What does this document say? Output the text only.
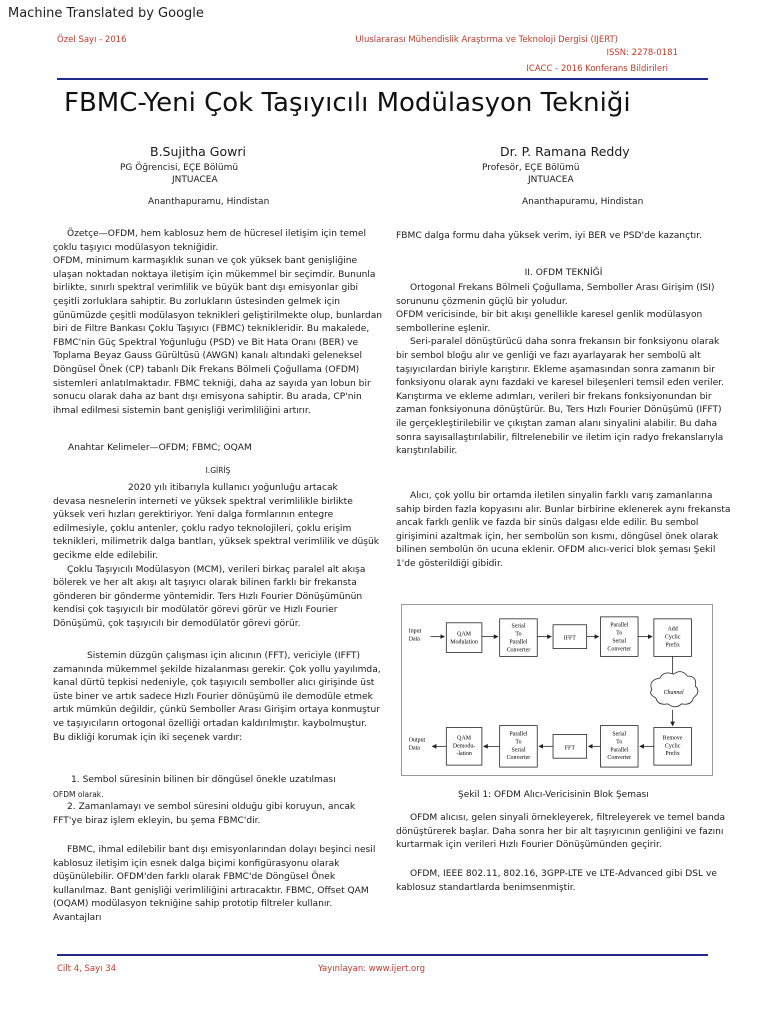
Machine Translated by Google
Özel Sayı - 2016	Uluslararası Mühendislik Araştırma ve Teknoloji Dergisi (IJERT)
ISSN: 2278-0181
ICACC - 2016 Konferans Bildirileri
FBMC-Yeni Çok Taşıyıcılı Modülasyon Tekniği
B.Sujitha Gowri
PG Öğrencisi, EÇE Bölümü
JNTUACEA
Ananthapuramu, Hindistan
Dr. P. Ramana Reddy
Profesör, EÇE Bölümü
JNTUACEA
Ananthapuramu, Hindistan

Özetçe—OFDM, hem kablosuz hem de hücresel iletişim için temel çoklu taşıyıcı modülasyon tekniğidir.

OFDM, minimum karmaşıklık sunan ve çok yüksek bant genişliğine ulaşan noktadan noktaya iletişim için mükemmel bir seçimdir. Bununla birlikte, sınırlı spektral verimlilik ve büyük bant dışı emisyonlar gibi çeşitli zorluklara sahiptir. Bu zorlukların üstesinden gelmek için günümüzde çeşitli modülasyon teknikleri geliştirilmekte olup, bunlardan biri de Filtre Bankası Çoklu Taşıyıcı (FBMC) teknikleridir. Bu makalede, FBMC'nin Güç Spektral Yoğunluğu (PSD) ve Bit Hata Oranı (BER) ve Toplama Beyaz Gauss Gürültüsü (AWGN) kanalı altındaki geleneksel Döngüsel Önek (CP) tabanlı Dik Frekans Bölmeli Çoğullama (OFDM) sistemleri anlatılmaktadır. FBMC tekniği, daha az sayıda yan lobun bir sonucu olarak daha az bant dışı emisyona sahiptir. Bu arada, CP'nin ihmal edilmesi sistemin bant genişliği verimliliğini artırır.

Anahtar Kelimeler—OFDM; FBMC; OQAM
I.GİRİŞ

2020 yılı itibarıyla kullanıcı yoğunluğu artacak

devasa nesnelerin interneti ve yüksek spektral verimlilikle birlikte yüksek veri hızları gerektiriyor. Yeni dalga formlarının entegre edilmesiyle, çoklu antenler, çoklu radyo teknolojileri, çoklu erişim teknikleri, milimetrik dalga bantları, yüksek spektral verimlilik ve düşük gecikme elde edilebilir.

Çoklu Taşıyıcılı Modülasyon (MCM), verileri birkaç paralel alt akışa bölerek ve her alt akışı alt taşıyıcı olarak bilinen farklı bir frekansta gönderen bir gönderme yöntemidir. Ters Hızlı Fourier Dönüşümünün kendisi çok taşıyıcılı bir modülatör görevi görür ve Hızlı Fourier Dönüşümü, çok taşıyıcılı bir demodülatör görevi görür.

Sistemin düzgün çalışması için alıcının (FFT), vericiyle (IFFT) zamanında mükemmel şekilde hizalanması gerekir. Çok yollu yayılımda, kanal dürtü tepkisi nedeniyle, çok taşıyıcılı semboller alıcı girişinde üst üste biner ve artık sadece Hızlı Fourier dönüşümü ile demodüle etmek artık mümkün değildir, çünkü Semboller Arası Girişim ortaya konmuştur ve taşıyıcıların ortogonal özelliği ortadan kaldırılmıştır. kaybolmuştur.

Bu dikliği korumak için iki seçenek vardır:

1. Sembol süresinin bilinen bir döngüsel önekle uzatılması

OFDM olarak.

2. Zamanlamayı ve sembol süresini olduğu gibi koruyun, ancak FFT'ye biraz işlem ekleyin, bu şema FBMC'dir.

FBMC, ihmal edilebilir bant dışı emisyonlarından dolayı beşinci nesil kablosuz iletişim için esnek dalga biçimi konfigürasyonu olarak düşünülebilir. OFDM'den farklı olarak FBMC'de Döngüsel Önek kullanılmaz. Bant genişliği verimliliğini artıracaktır. FBMC, Offset QAM (OQAM) modülasyon tekniğine sahip prototip filtreler kullanır. Avantajları

FBMC dalga formu daha yüksek verim, iyi BER ve PSD'de kazançtır.
II. OFDM TEKNİĞİ

Ortogonal Frekans Bölmeli Çoğullama, Semboller Arası Girişim (ISI) sorununu çözmenin güçlü bir yoludur.

OFDM vericisinde, bir bit akışı genellikle karesel genlik modülasyon sembollerine eşlenir.

Seri-paralel dönüştürücü daha sonra frekansın bir fonksiyonu olarak bir sembol bloğu alır ve genliği ve fazı ayarlayarak her sembolü alt taşıyıcılardan biriyle karıştırır. Ekleme aşamasından sonra zamanın bir fonksiyonu olarak aynı fazdaki ve karesel bileşenleri temsil eden veriler. Karıştırma ve ekleme adımları, verileri bir frekans fonksiyonundan bir zaman fonksiyonuna dönüştürür. Bu, Ters Hızlı Fourier Dönüşümü (IFFT) ile gerçekleştirilebilir ve çıkıştan zaman alanı sinyalini alabilir. Bu daha sonra sayısallaştırılabilir, filtrelenebilir ve iletim için radyo frekanslarıyla karıştırılabilir.

Alıcı, çok yollu bir ortamda iletilen sinyalin farklı varış zamanlarına sahip birden fazla kopyasını alır. Bunlar birbirine eklenerek aynı frekansta ancak farklı genlik ve fazda bir sinüs dalgası elde edilir. Bu sembol girişimini azaltmak için, her sembolün son kısmı, döngüsel önek olarak bilinen sembolün ön ucuna eklenir. OFDM alıcı-verici blok şeması Şekil 1'de gösterildiği gibidir.

Input
Data
QAM
Modulation
Serial
To
Parallel
Converter
IFFT
Parallel
To
Serial
Converter
Add
Cyclic
Prefix
Channel
Remove
Cyclic
Prefix
Serial
To
Parallel
Converter
FFT
Parallel
To
Serial
Converter
QAM
Demodu-
-lation
Output
Data
Şekil 1: OFDM Alıcı-Vericisinin Blok Şeması

OFDM alıcısı, gelen sinyali örnekleyerek, filtreleyerek ve temel banda dönüştürerek başlar. Daha sonra her bir alt taşıyıcının genliğini ve fazını kurtarmak için verileri Hızlı Fourier Dönüşümünden geçirir.

OFDM, IEEE 802.11, 802.16, 3GPP-LTE ve LTE-Advanced gibi DSL ve kablosuz standartlarda benimsenmiştir.

Cilt 4, Sayı 34	Yayınlayan: www.ijert.org
